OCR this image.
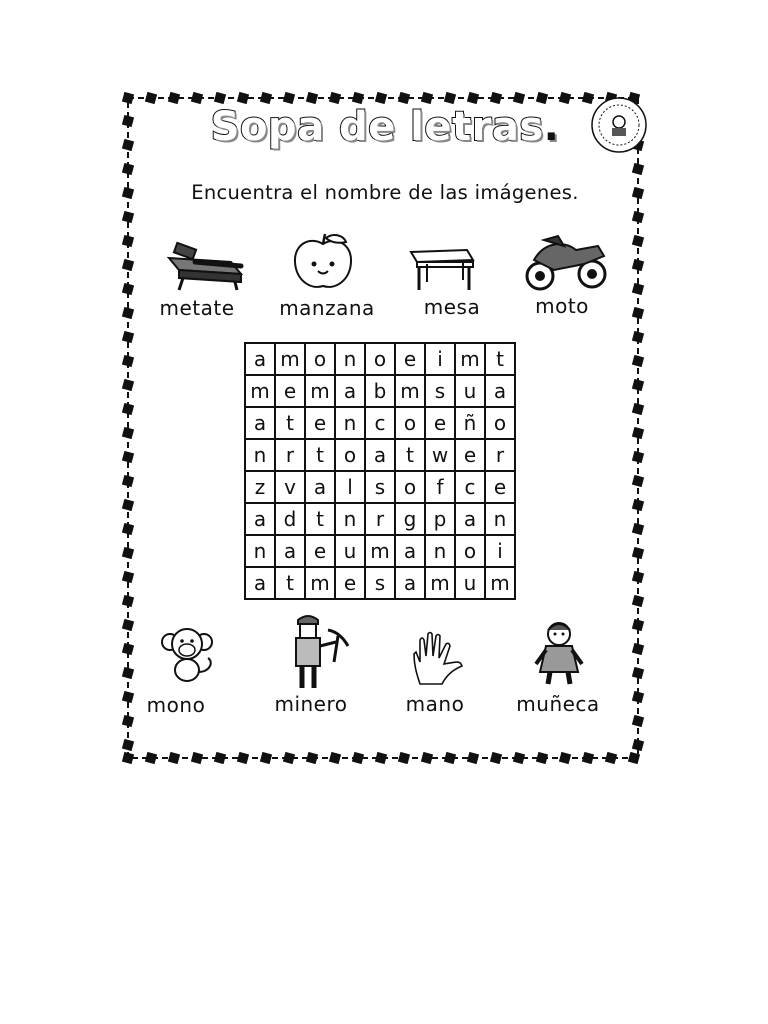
Sopa de letras.
Encuentra el nombre de las imágenes.
metate	manzana	mesa	moto
a	m	o	n	o	e	i	m	t
m	e	m	a	b	m	s	u	a
a	t	e	n	c	o	e	ñ	o
n	r	t	o	a	t	w	e	r
z	v	a	l	s	o	f	c	e
a	d	t	n	r	g	p	a	n
n	a	e	u	m	a	n	o	i
a	t	m	e	s	a	m	u	m
mono	minero	mano	muñeca
